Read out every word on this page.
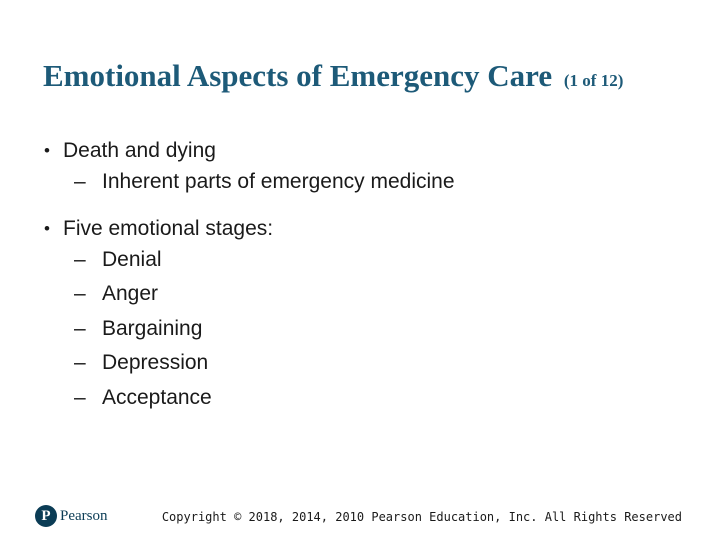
Emotional Aspects of Emergency Care (1 of 12)
• Death and dying
– Inherent parts of emergency medicine
• Five emotional stages:
– Denial
– Anger
– Bargaining
– Depression
– Acceptance
P Pearson	Copyright © 2018, 2014, 2010 Pearson Education, Inc. All Rights Reserved
